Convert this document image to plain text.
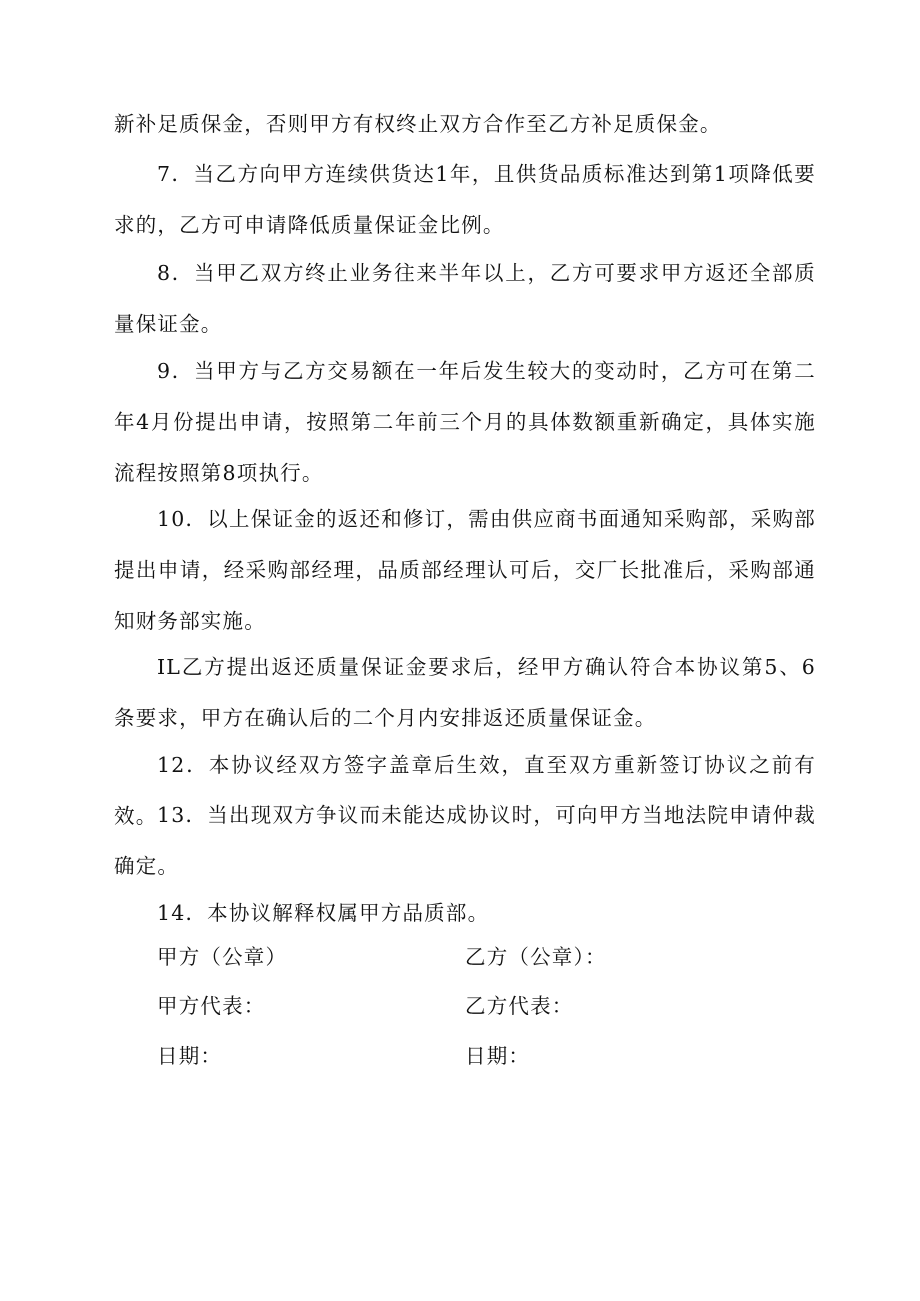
新补足质保金，否则甲方有权终止双方合作至乙方补足质保金。

7．当乙方向甲方连续供货达1年，且供货品质标准达到第1项降低要求的，乙方可申请降低质量保证金比例。

8．当甲乙双方终止业务往来半年以上，乙方可要求甲方返还全部质量保证金。

9．当甲方与乙方交易额在一年后发生较大的变动时，乙方可在第二年4月份提出申请，按照第二年前三个月的具体数额重新确定，具体实施流程按照第8项执行。

10．以上保证金的返还和修订，需由供应商书面通知采购部，采购部提出申请，经采购部经理，品质部经理认可后，交厂长批准后，采购部通知财务部实施。

IL乙方提出返还质量保证金要求后，经甲方确认符合本协议第5、6条要求，甲方在确认后的二个月内安排返还质量保证金。

12．本协议经双方签字盖章后生效，直至双方重新签订协议之前有效。 13．当出现双方争议而未能达成协议时，可向甲方当地法院申请仲裁确定。

14．本协议解释权属甲方品质部。

甲方（公章）	乙方（公章）：
甲方代表：	乙方代表：
日期：	日期：
